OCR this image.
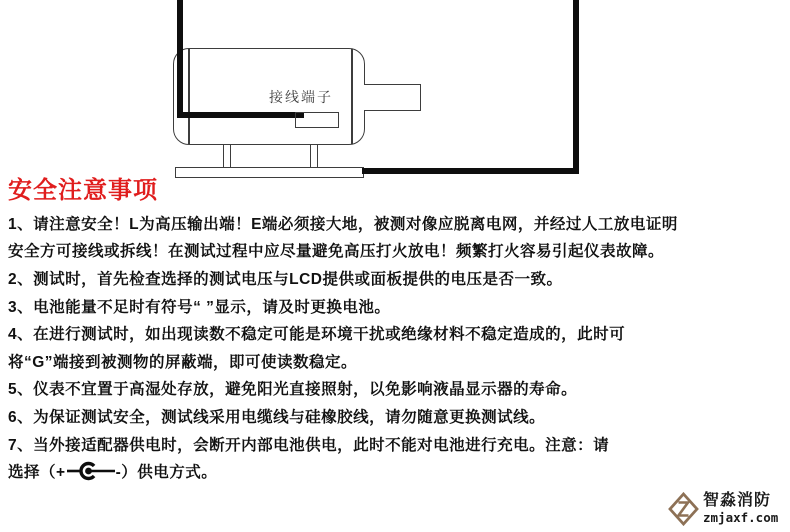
接线端子
安全注意事项

1、请注意安全！L为高压输出端！E端必须接大地，被测对像应脱离电网，并经过人工放电证明

安全方可接线或拆线！在测试过程中应尽量避免高压打火放电！频繁打火容易引起仪表故障。

2、测试时，首先检查选择的测试电压与LCD提供或面板提供的电压是否一致。

3、电池能量不足时有符号“ ”显示，请及时更换电池。

4、在进行测试时，如出现读数不稳定可能是环境干扰或绝缘材料不稳定造成的，此时可

将“G”端接到被测物的屏蔽端，即可使读数稳定。

5、仪表不宜置于高湿处存放，避免阳光直接照射，以免影响液晶显示器的寿命。

6、为保证测试安全，测试线采用电缆线与硅橡胶线，请勿随意更换测试线。

7、当外接适配器供电时，会断开内部电池供电，此时不能对电池进行充电。注意：请

选择（+	-）供电方式。

智淼消防
zmjaxf.com
